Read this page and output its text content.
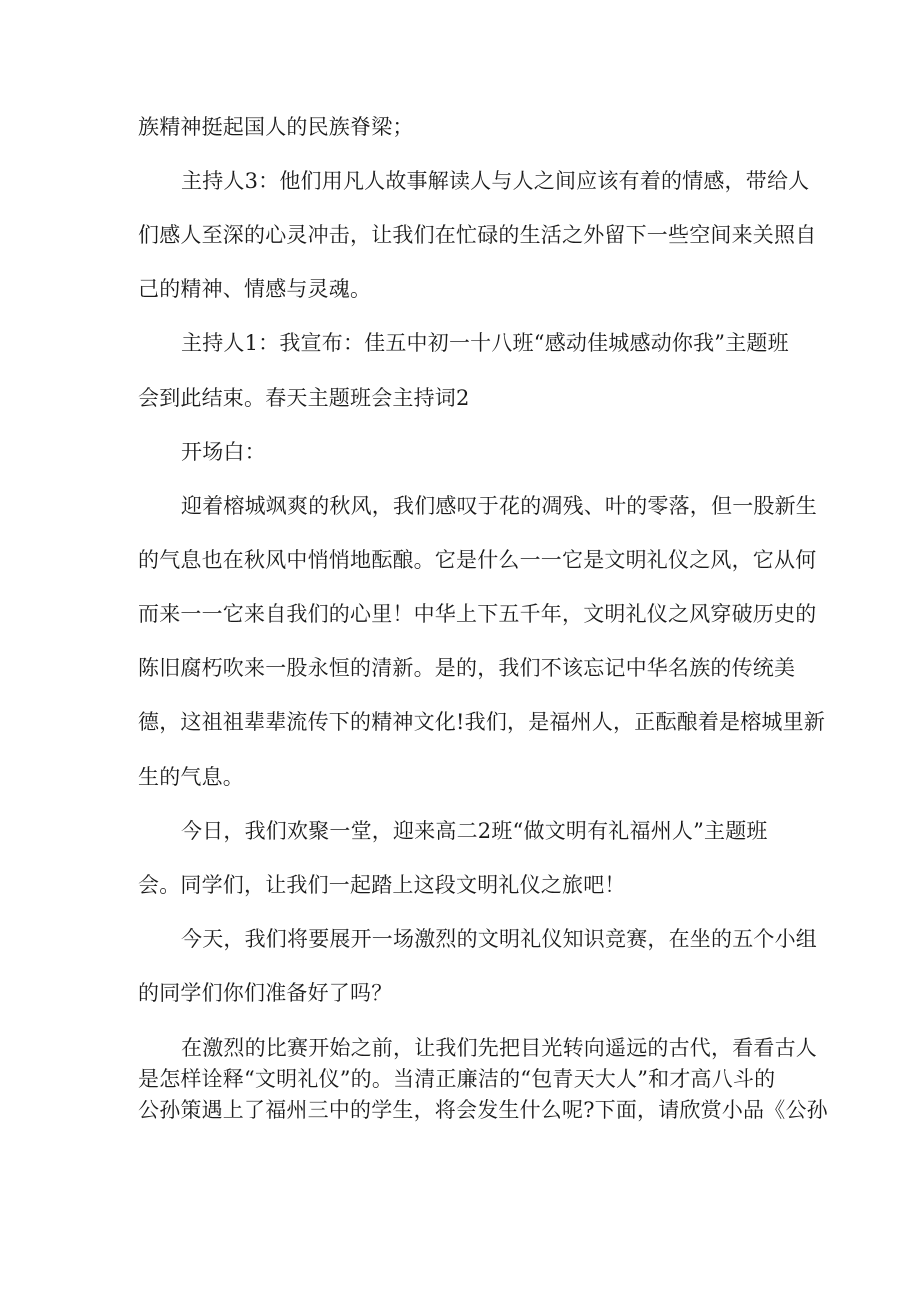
族精神挺起国人的民族脊梁；

主持人3：他们用凡人故事解读人与人之间应该有着的情感，带给人

们感人至深的心灵冲击，让我们在忙碌的生活之外留下一些空间来关照自

己的精神、情感与灵魂。

主持人1：我宣布：佳五中初一十八班“感动佳城感动你我”主题班

会到此结束。春天主题班会主持词2

开场白：

迎着榕城飒爽的秋风，我们感叹于花的凋残、叶的零落，但一股新生

的气息也在秋风中悄悄地酝酿。它是什么一一它是文明礼仪之风，它从何

而来一一它来自我们的心里！中华上下五千年，文明礼仪之风穿破历史的

陈旧腐朽吹来一股永恒的清新。是的，我们不该忘记中华名族的传统美

德，这祖祖辈辈流传下的精神文化!我们，是福州人，正酝酿着是榕城里新

生的气息。

今日，我们欢聚一堂，迎来高二2班“做文明有礼福州人”主题班

会。同学们，让我们一起踏上这段文明礼仪之旅吧！

今天，我们将要展开一场激烈的文明礼仪知识竞赛，在坐的五个小组

的同学们你们准备好了吗？

在激烈的比赛开始之前，让我们先把目光转向遥远的古代，看看古人

是怎样诠释“文明礼仪”的。当清正廉洁的“包青天大人”和才高八斗的

公孙策遇上了福州三中的学生，将会发生什么呢?下面，请欣赏小品《公孙
